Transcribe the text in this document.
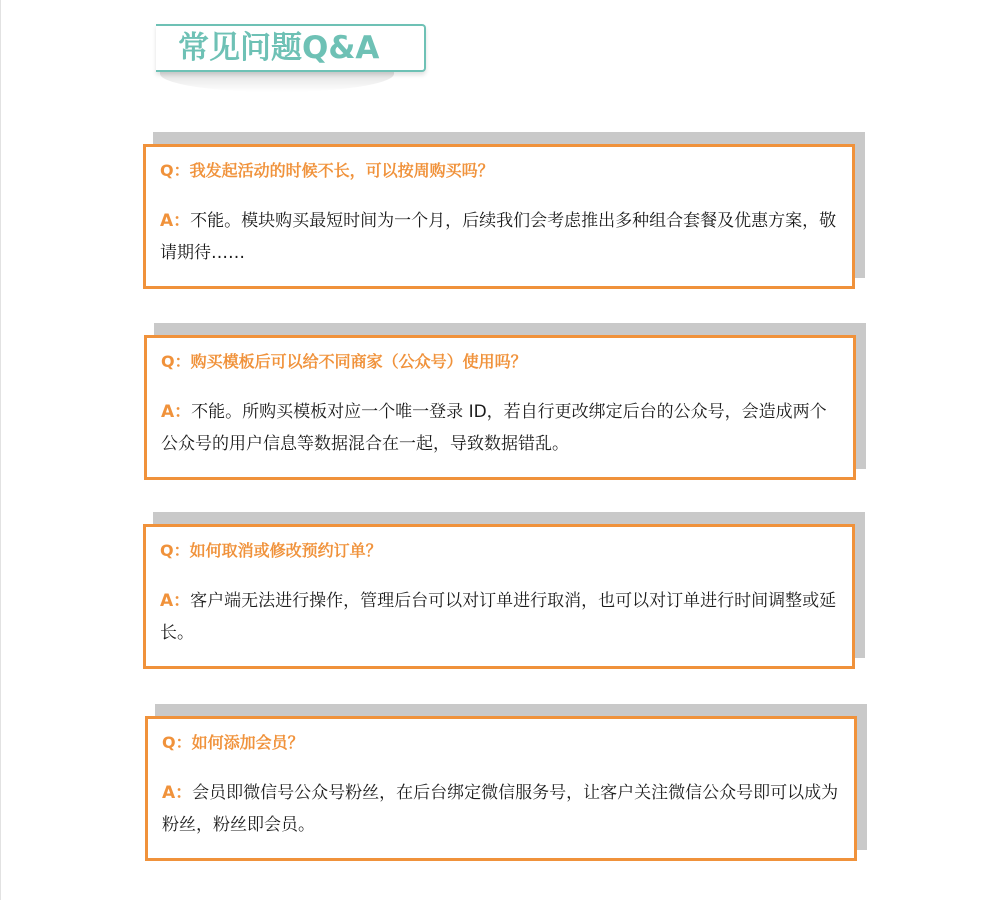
常见问题Q&A
Q：我发起活动的时候不长，可以按周购买吗？
A：不能。模块购买最短时间为一个月，后续我们会考虑推出多种组合套餐及优惠方案，敬请期待……
Q：购买模板后可以给不同商家（公众号）使用吗？
A：不能。所购买模板对应一个唯一登录 ID，若自行更改绑定后台的公众号，会造成两个公众号的用户信息等数据混合在一起，导致数据错乱。
Q：如何取消或修改预约订单？
A：客户端无法进行操作，管理后台可以对订单进行取消，也可以对订单进行时间调整或延长。
Q：如何添加会员？
A：会员即微信号公众号粉丝，在后台绑定微信服务号，让客户关注微信公众号即可以成为粉丝，粉丝即会员。
